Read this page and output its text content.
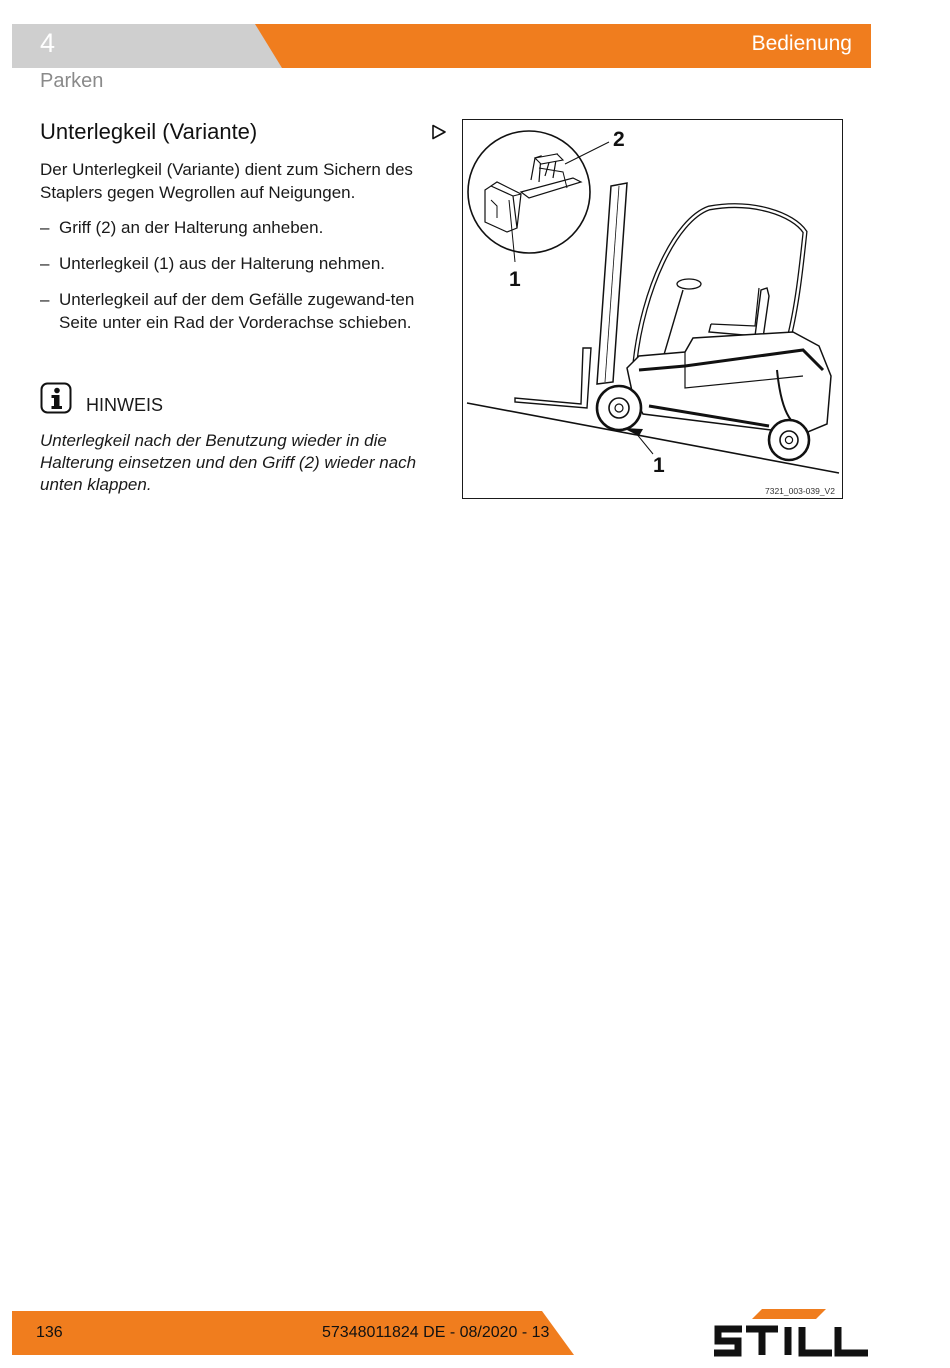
4	Bedienung
Parken
Unterlegkeil (Variante)
Der Unterlegkeil (Variante) dient zum Sichern des Staplers gegen Wegrollen auf Neigungen.
– Griff (2) an der Halterung anheben.
– Unterlegkeil (1) aus der Halterung nehmen.
– Unterlegkeil auf der dem Gefälle zugewand-ten Seite unter ein Rad der Vorderachse schieben.
HINWEIS
Unterlegkeil nach der Benutzung wieder in die Halterung einsetzen und den Griff (2) wieder nach unten klappen.
2
1
1
7321_003-039_V2
136	57348011824 DE - 08/2020 - 13
